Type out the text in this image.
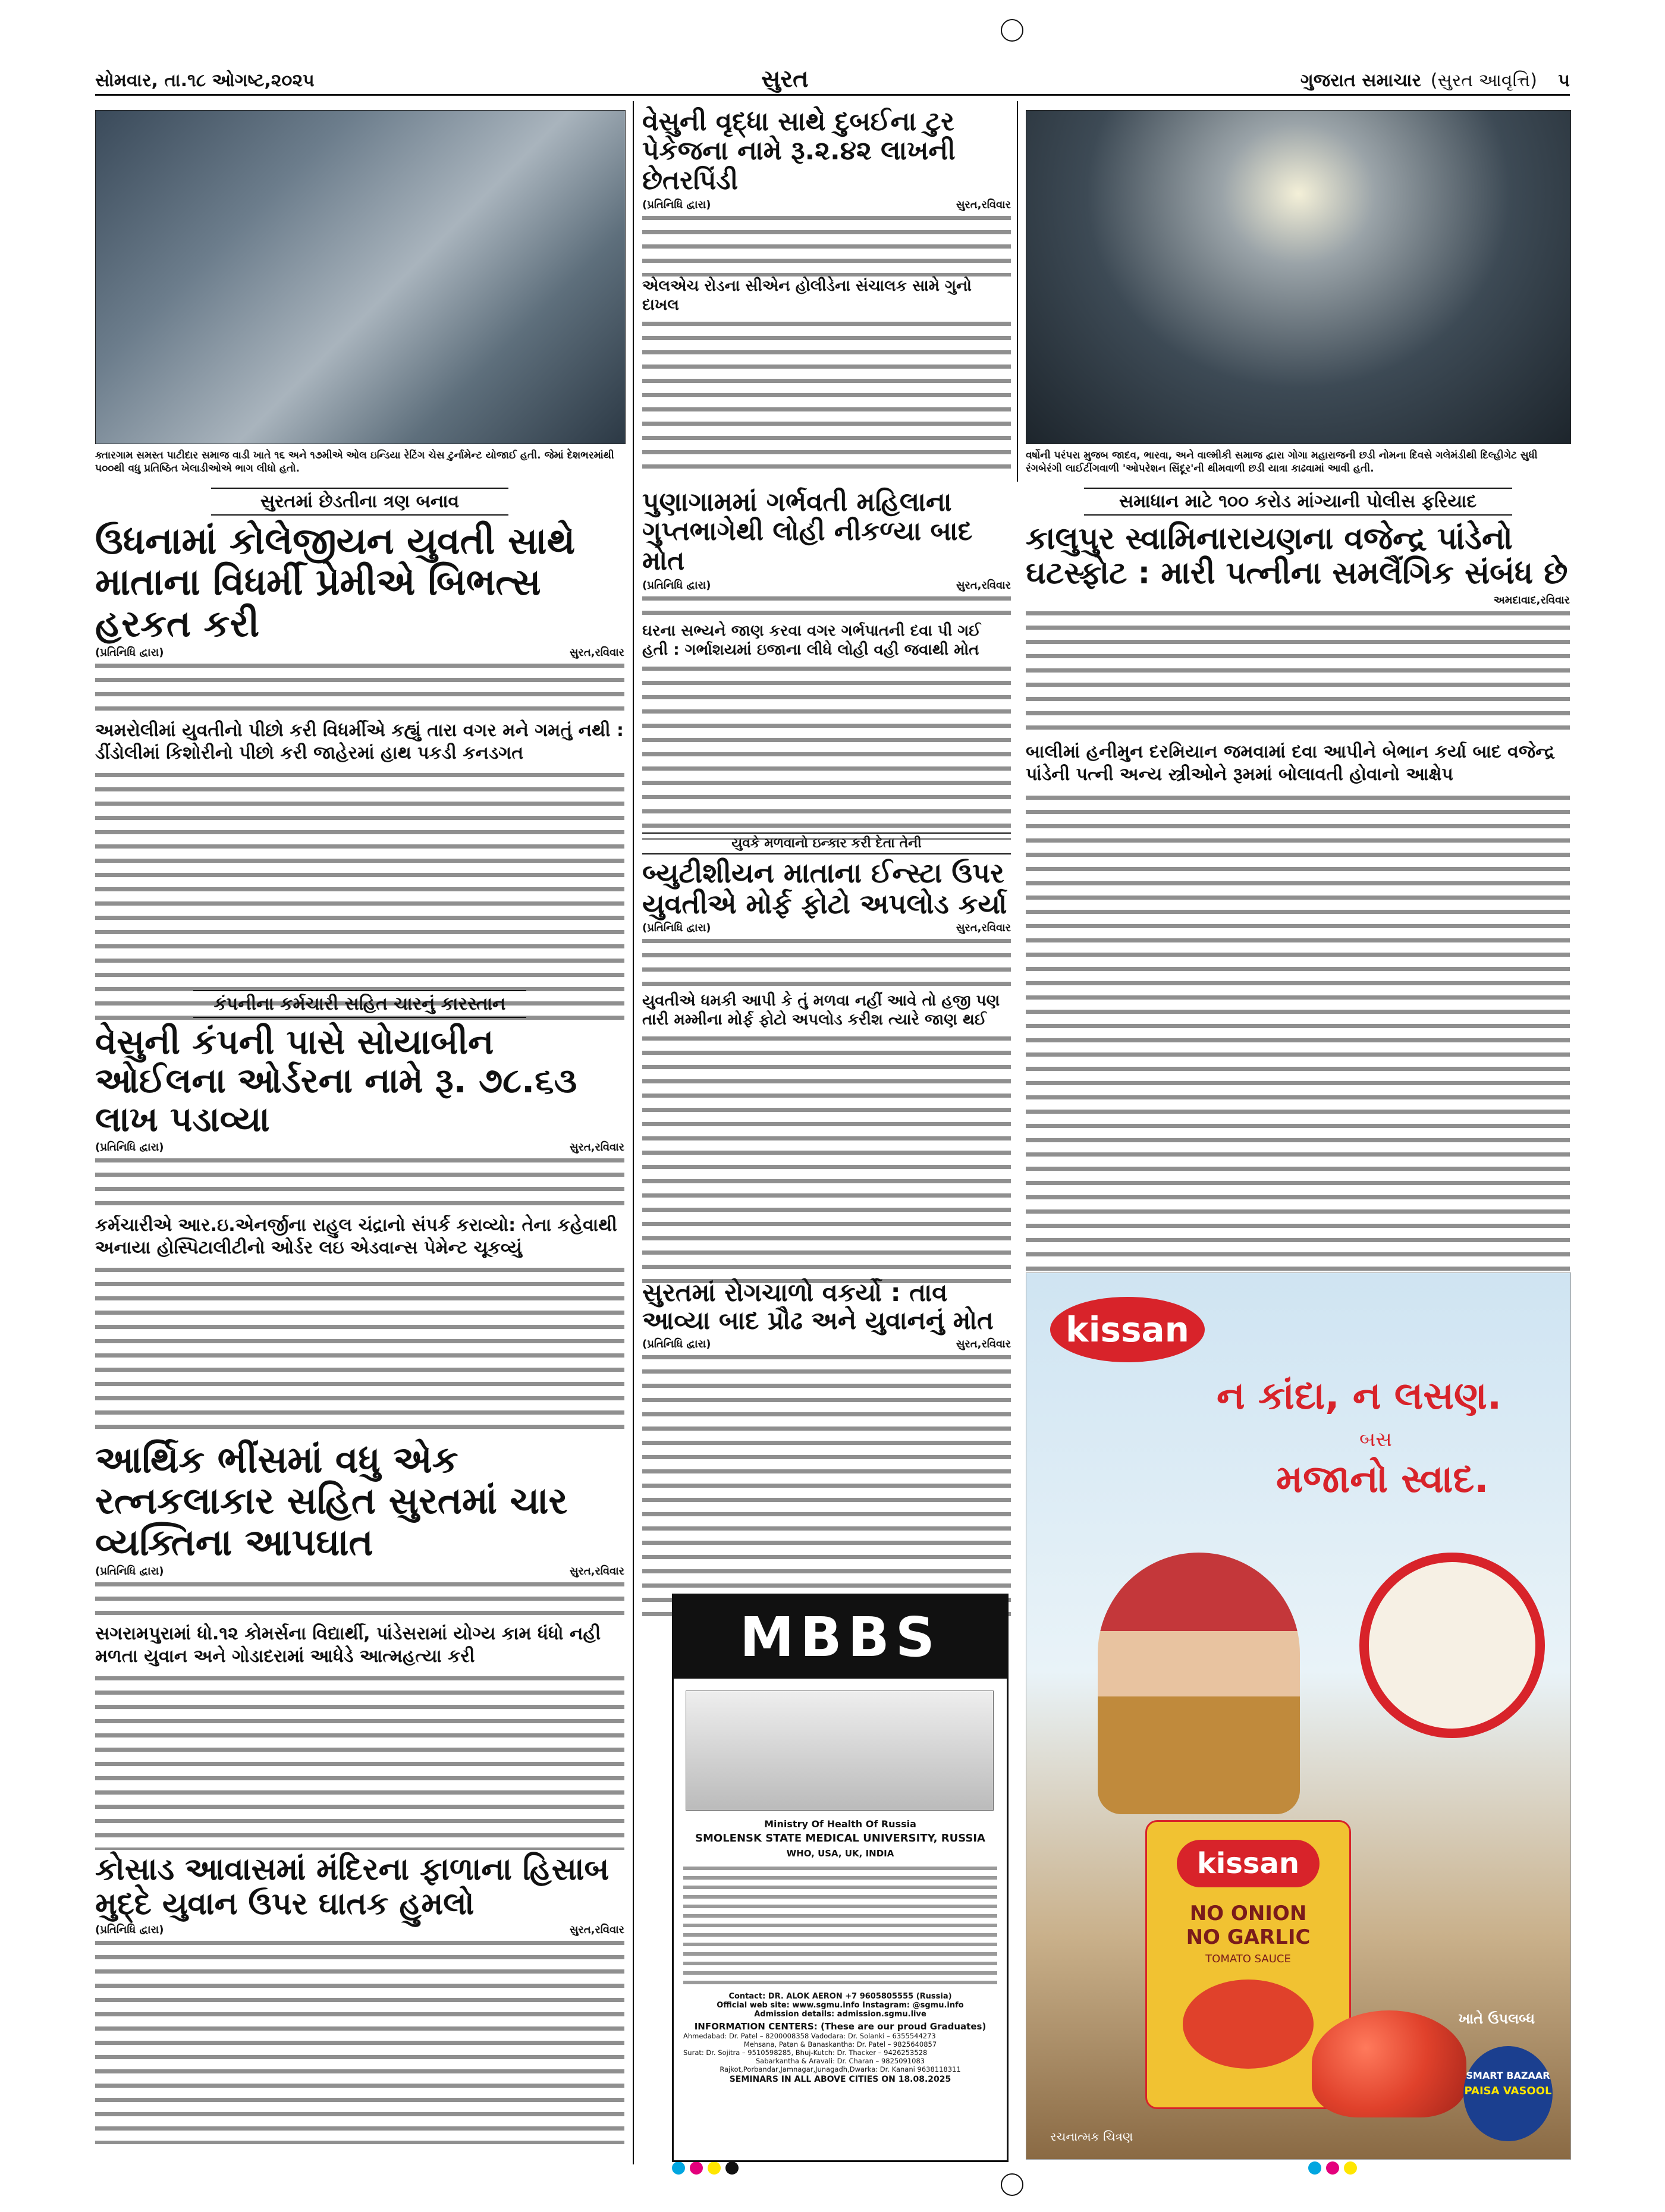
સોમવાર, તા.૧૮ ઓગષ્ટ,૨૦૨૫	સુરત	ગુજરાત સમાચાર (સુરત આવૃત્તિ) ૫
ક્તારગામ સમસ્ત પાટીદાર સમાજ વાડી ખાતે ૧૬ અને ૧૭મીએ ઓલ ઇન્ડિયા રેટિંગ ચેસ ટુર્નામેન્ટ યોજાઈ હતી. જેમાં દેશભરમાંથી ૫૦૦થી વધુ પ્રતિષ્ઠિત ખેલાડીઓએ ભાગ લીધો હતો.
વેસુની વૃદ્ધા સાથે દુબઈના ટુર પેકેજના નામે રૂ.૨.૪૨ લાખની છેતરપિંડી
(પ્રતિનિધિ દ્વારા)	સુરત,રવિવાર
એલએચ રોડના સીએન હોલીડેના સંચાલક સામે ગુનો દાખલ
વર્ષોની પરંપરા મુજબ જાદવ, ભારવા, અને વાલ્મીકી સમાજ દ્વારા ગોગા મહારાજની છડી નોમના દિવસે ગલેમંડીથી દિલ્હીગેટ સુધી રંગબેરંગી લાઈટીંગવાળી 'ઓપરેશન સિંદૂર'ની થીમવાળી છડી યાત્રા કાઢવામાં આવી હતી.
સુરતમાં છેડતીના ત્રણ બનાવ
ઉધનામાં કોલેજીયન યુવતી સાથે માતાના વિધર્મી પ્રેમીએ બિભત્સ હરકત કરી
(પ્રતિનિધિ દ્વારા)	સુરત,રવિવાર
અમરોલીમાં યુવતીનો પીછો કરી વિધર્મીએ કહ્યું તારા વગર મને ગમતું નથી : ડીંડોલીમાં કિશોરીનો પીછો કરી જાહેરમાં હાથ પકડી કનડગત
પુણાગામમાં ગર્ભવતી મહિલાના ગુપ્તભાગેથી લોહી નીકળ્યા બાદ મોત
(પ્રતિનિધિ દ્વારા)	સુરત,રવિવાર
ઘરના સભ્યને જાણ કરવા વગર ગર્ભપાતની દવા પી ગઈ હતી : ગર્ભાશયમાં ઇજાના લીધે લોહી વહી જવાથી મોત
સમાધાન માટે ૧૦૦ કરોડ માંગ્યાની પોલીસ ફરિયાદ
કાલુપુર સ્વામિનારાયણના વજેન્દ્ર પાંડેનો ઘટસ્ફોટ : મારી પત્નીના સમલૈંગિક સંબંધ છે
અમદાવાદ,રવિવાર
બાલીમાં હનીમુન દરમિયાન જમવામાં દવા આપીને બેભાન કર્યા બાદ વજેન્દ્ર પાંડેની પત્ની અન્ય સ્ત્રીઓને રૂમમાં બોલાવતી હોવાનો આક્ષેપ
યુવકે મળવાનો ઇન્કાર કરી દેતા તેની
બ્યુટીશીયન માતાના ઈન્સ્ટા ઉપર યુવતીએ મોર્ફ ફોટો અપલોડ કર્યા
(પ્રતિનિધિ દ્વારા)	સુરત,રવિવાર
યુવતીએ ધમકી આપી કે તું મળવા નહીં આવે તો હજી પણ તારી મમ્મીના મોર્ફ ફોટો અપલોડ કરીશ ત્યારે જાણ થઈ
કંપનીના કર્મચારી સહિત ચારનું કારસ્તાન
વેસુની કંપની પાસે સોયાબીન ઓઈલના ઓર્ડરના નામે રૂ. ૭૮.૬૩ લાખ પડાવ્યા
(પ્રતિનિધિ દ્વારા)	સુરત,રવિવાર
કર્મચારીએ આર.ઇ.એનર્જીના રાહુલ ચંદ્રાનો સંપર્ક કરાવ્યો: તેના કહેવાથી અનાયા હોસ્પિટાલીટીનો ઓર્ડર લઇ એડવાન્સ પેમેન્ટ ચૂકવ્યું
સુરતમાં રોગચાળો વકર્યો : તાવ આવ્યા બાદ પ્રૌઢ અને યુવાનનું મોત
(પ્રતિનિધિ દ્વારા)	સુરત,રવિવાર
આર્થિક ભીંસમાં વધુ એક રત્નકલાકાર સહિત સુરતમાં ચાર વ્યક્તિના આપઘાત
(પ્રતિનિધિ દ્વારા)	સુરત,રવિવાર
સગરામપુરામાં ધો.૧૨ કોમર્સના વિદ્યાર્થી, પાંડેસરામાં યોગ્ય કામ ધંધો નહી મળતા યુવાન અને ગોડાદરામાં આધેડે આત્મહત્યા કરી
કોસાડ આવાસમાં મંદિરના ફાળાના હિસાબ મુદ્દે યુવાન ઉપર ઘાતક હુમલો
(પ્રતિનિધિ દ્વારા)	સુરત,રવિવાર
MBBS
Ministry Of Health Of Russia
SMOLENSK STATE MEDICAL UNIVERSITY, RUSSIA
WHO, USA, UK, INDIA
Contact: DR. ALOK AERON +7 9605805555 (Russia)
Official web site: www.sgmu.info Instagram: @sgmu.info
Admission details: admission.sgmu.live
INFORMATION CENTERS: (These are our proud Graduates)
Ahmedabad: Dr. Patel – 8200008358 Vadodara: Dr. Solanki – 6355544273
Mehsana, Patan & Banaskantha: Dr. Patel – 9825640857
Surat: Dr. Sojitra – 9510598285, Bhuj-Kutch: Dr. Thacker – 9426253528
Sabarkantha & Aravali: Dr. Charan – 9825091083
Rajkot,Porbandar,Jamnagar,Junagadh,Dwarka: Dr. Kanani 9638118311
SEMINARS IN ALL ABOVE CITIES ON 18.08.2025
kissan
ન કાંદા, ન લસણ.
બસ
મજાનો સ્વાદ.
kissan
NO ONION
NO GARLIC
TOMATO SAUCE
ખાતે ઉપલબ્ધ
SMART BAZAAR
PAISA VASOOL
રચનાત્મક ચિત્રણ
